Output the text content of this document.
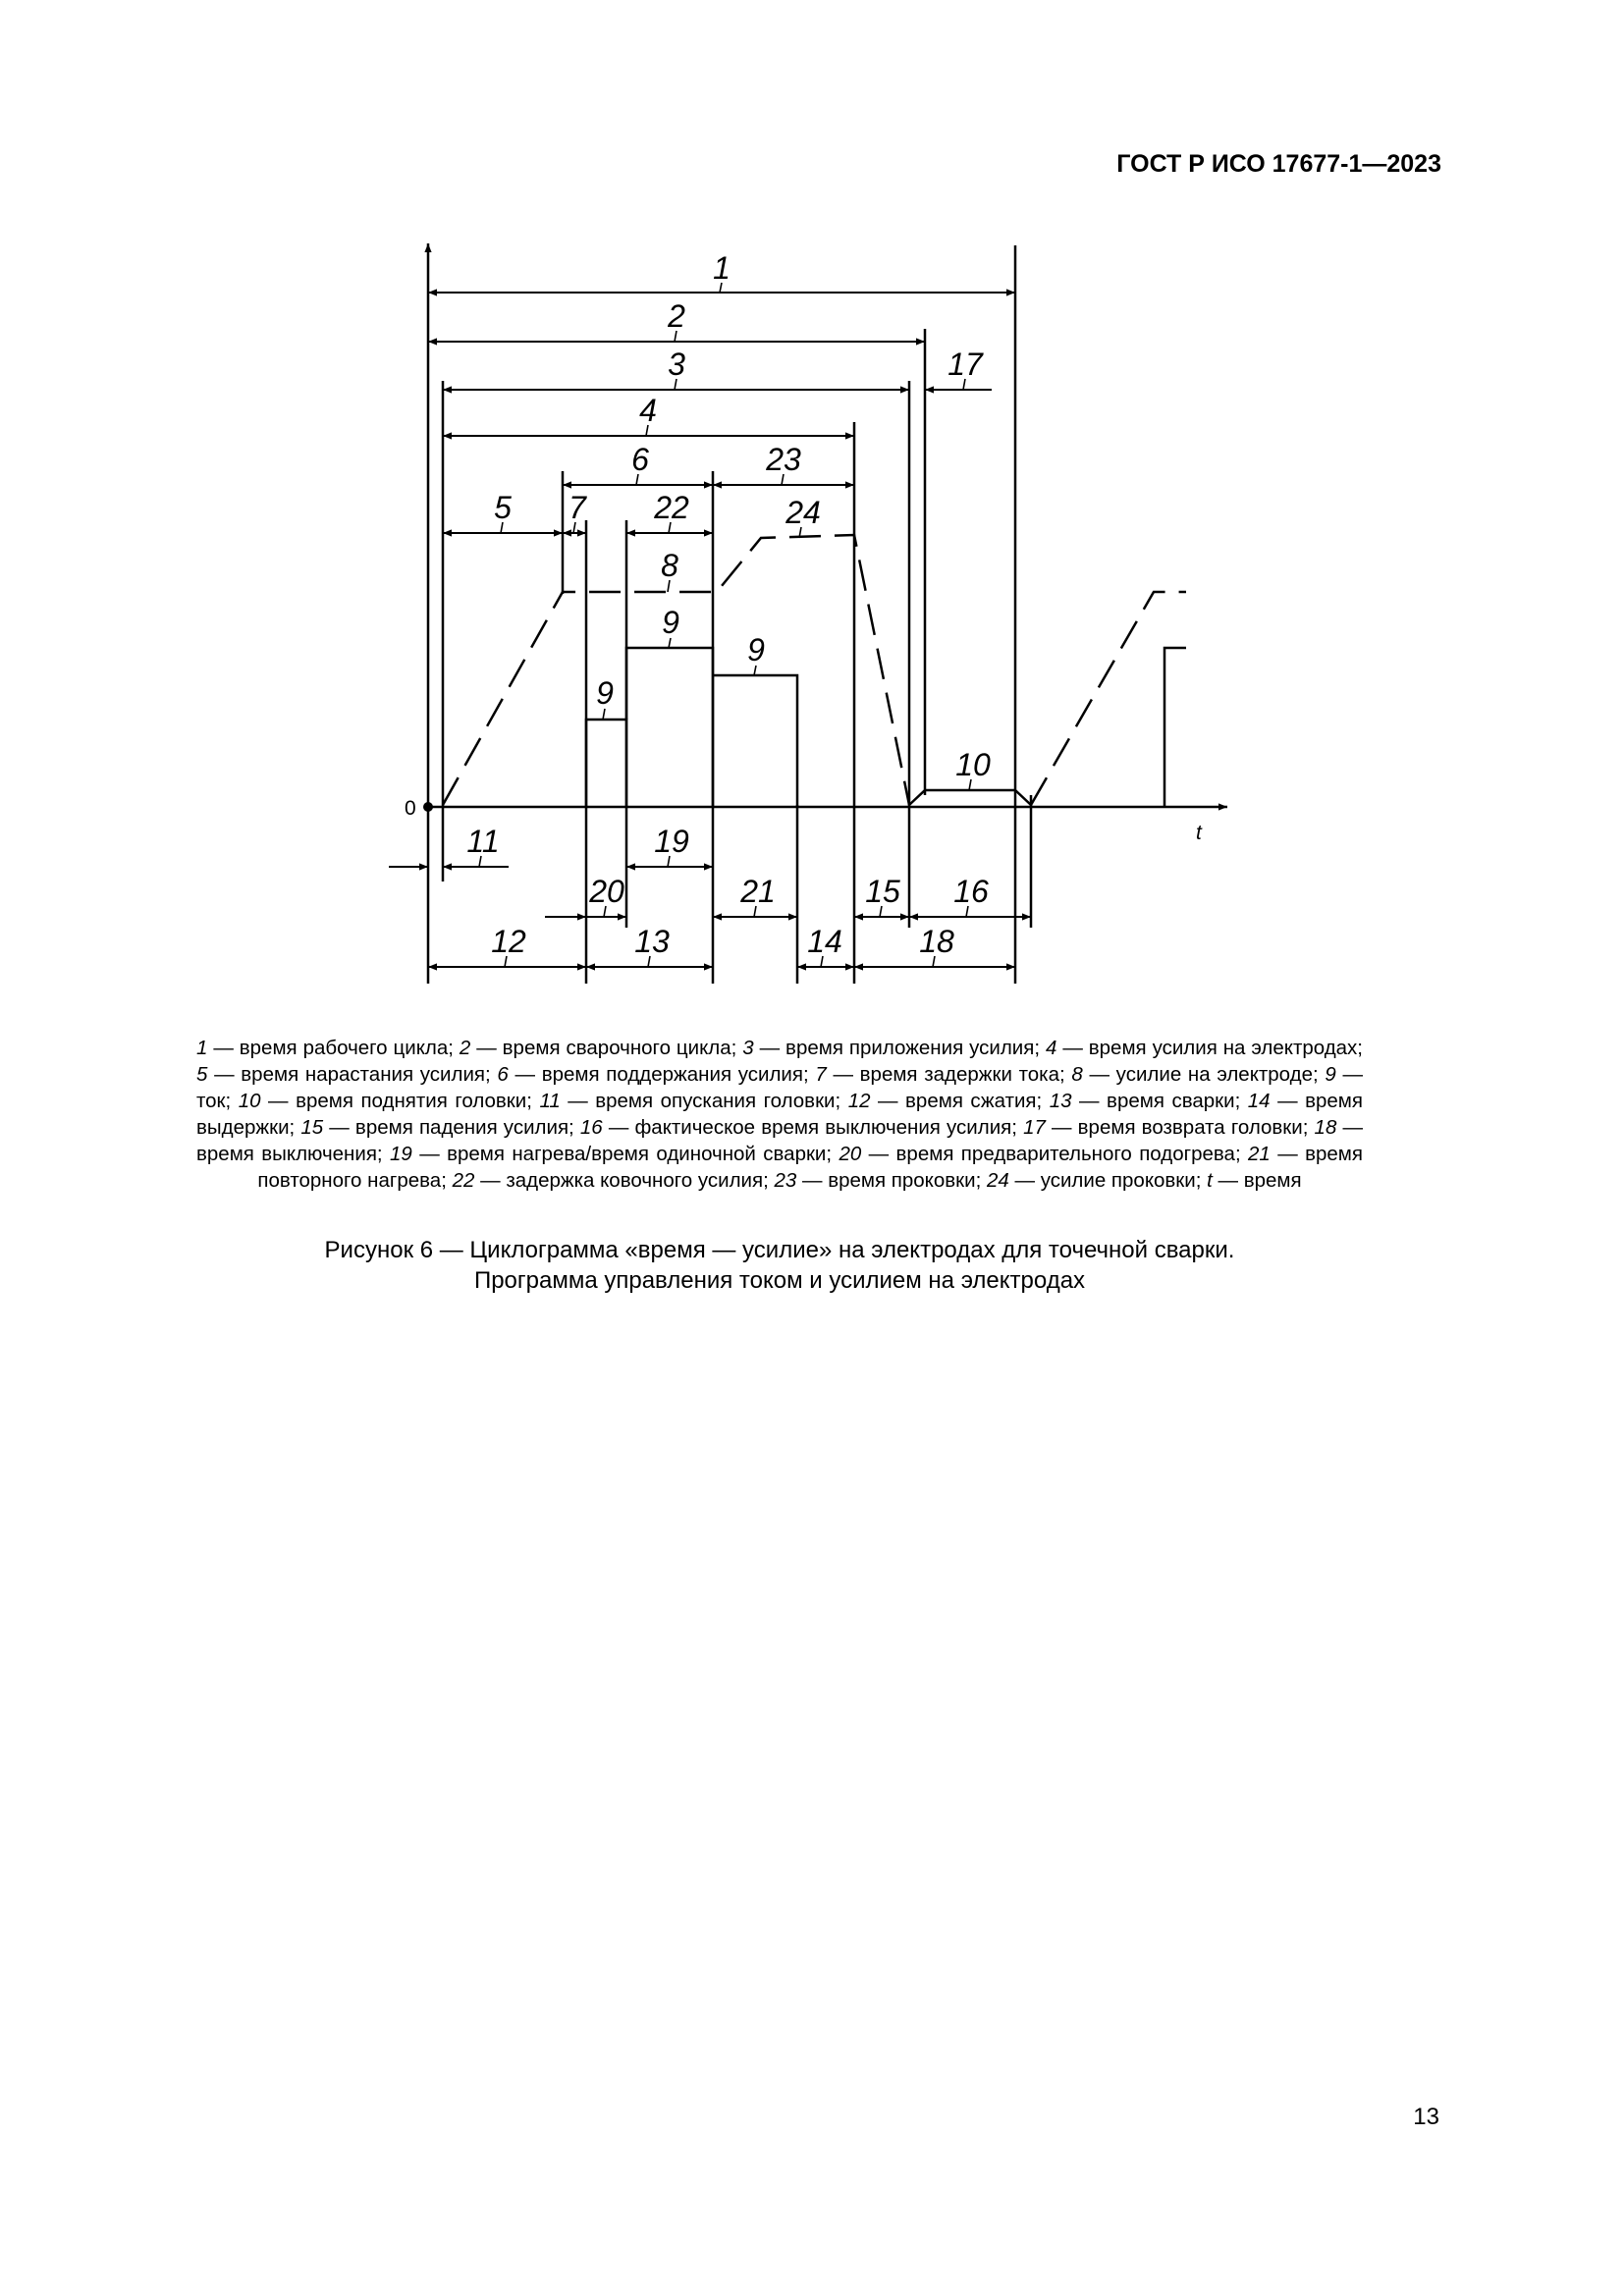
ГОСТ Р ИСО 17677-1—2023
1
2
3	17
4
6	23
5 7 22	24
8
9
9
9
10
11	19
20	21	15 16
12	13	14 18
0
t
1 — время рабочего цикла; 2 — время сварочного цикла; 3 — время приложения усилия; 4 — время усилия на электродах; 5 — время нарастания усилия; 6 — время поддержания усилия; 7 — время задержки тока; 8 — усилие на электроде; 9 — ток; 10 — время поднятия головки; 11 — время опускания головки; 12 — время сжатия; 13 — время сварки; 14 — время выдержки; 15 — время падения усилия; 16 — фактическое время выключения усилия; 17 — время возврата головки; 18 — время выключения; 19 — время нагрева/время одиночной сварки; 20 — время предварительного подогрева; 21 — время повторного нагрева; 22 — задержка ковочного усилия; 23 — время проковки; 24 — усилие проковки; t — время
Рисунок 6 — Циклограмма «время — усилие» на электродах для точечной сварки.
Программа управления током и усилием на электродах
13
